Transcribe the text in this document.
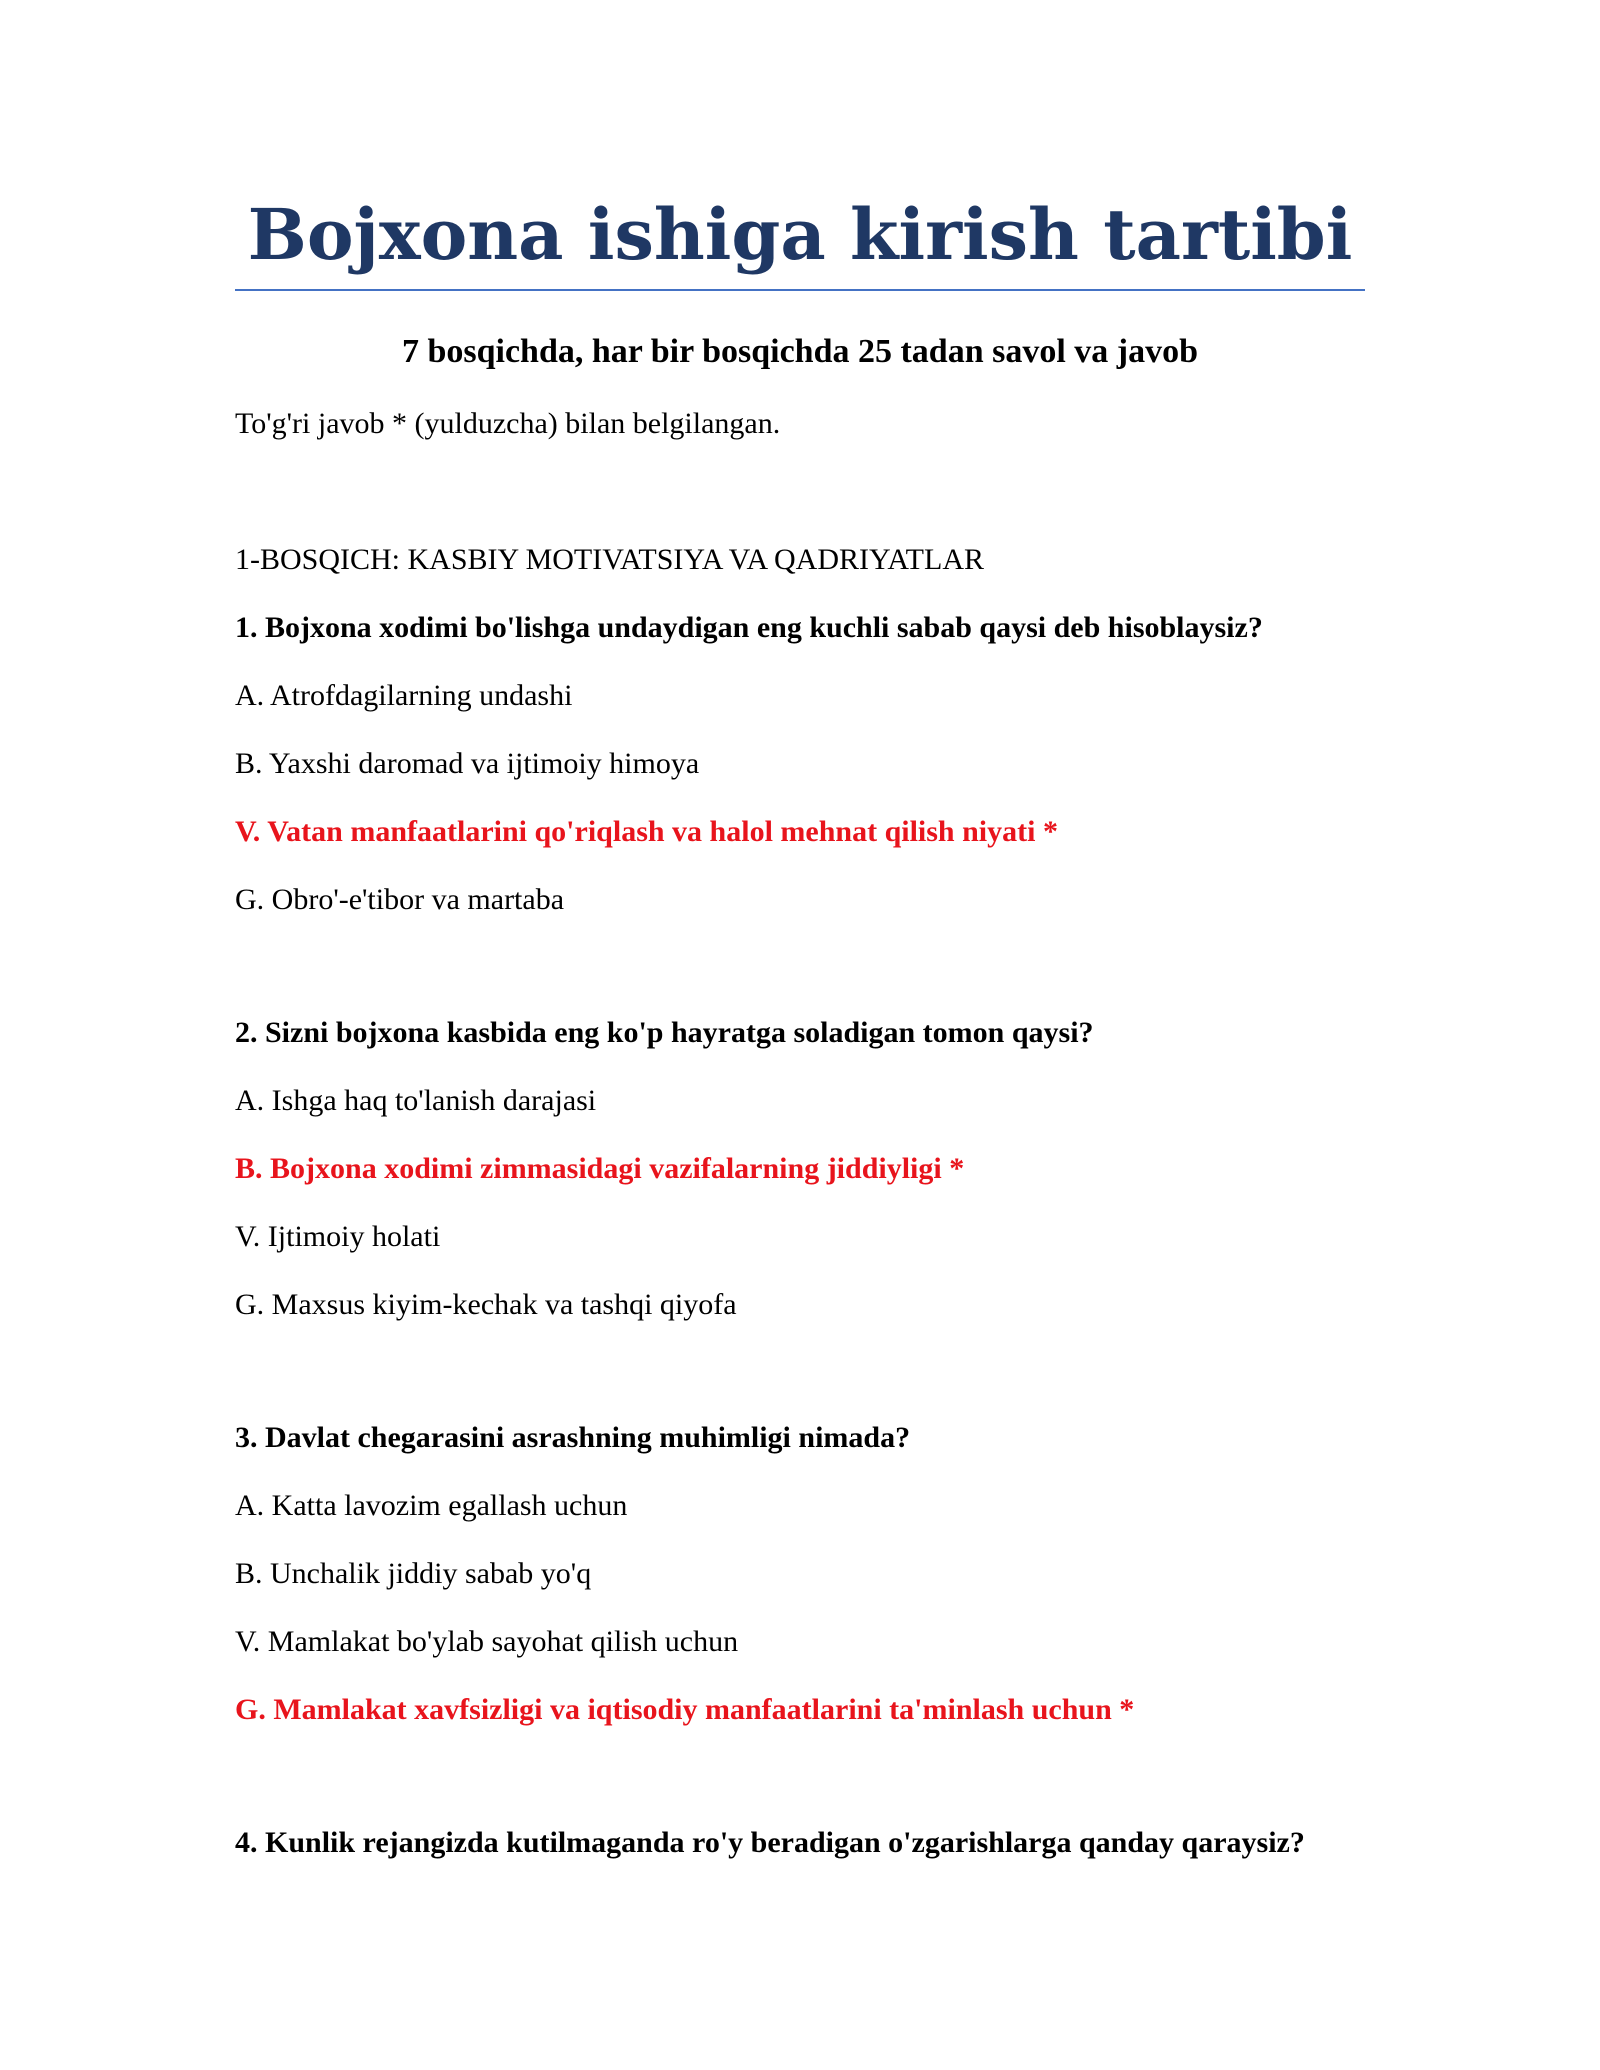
Bojxona ishiga kirish tartibi
7 bosqichda, har bir bosqichda 25 tadan savol va javob
To'g'ri javob * (yulduzcha) bilan belgilangan.
1-BOSQICH: KASBIY MOTIVATSIYA VA QADRIYATLAR
1. Bojxona xodimi bo'lishga undaydigan eng kuchli sabab qaysi deb hisoblaysiz?
A. Atrofdagilarning undashi
B. Yaxshi daromad va ijtimoiy himoya
V. Vatan manfaatlarini qo'riqlash va halol mehnat qilish niyati *
G. Obro'-e'tibor va martaba
2. Sizni bojxona kasbida eng ko'p hayratga soladigan tomon qaysi?
A. Ishga haq to'lanish darajasi
B. Bojxona xodimi zimmasidagi vazifalarning jiddiyligi *
V. Ijtimoiy holati
G. Maxsus kiyim-kechak va tashqi qiyofa
3. Davlat chegarasini asrashning muhimligi nimada?
A. Katta lavozim egallash uchun
B. Unchalik jiddiy sabab yo'q
V. Mamlakat bo'ylab sayohat qilish uchun
G. Mamlakat xavfsizligi va iqtisodiy manfaatlarini ta'minlash uchun *
4. Kunlik rejangizda kutilmaganda ro'y beradigan o'zgarishlarga qanday qaraysiz?
